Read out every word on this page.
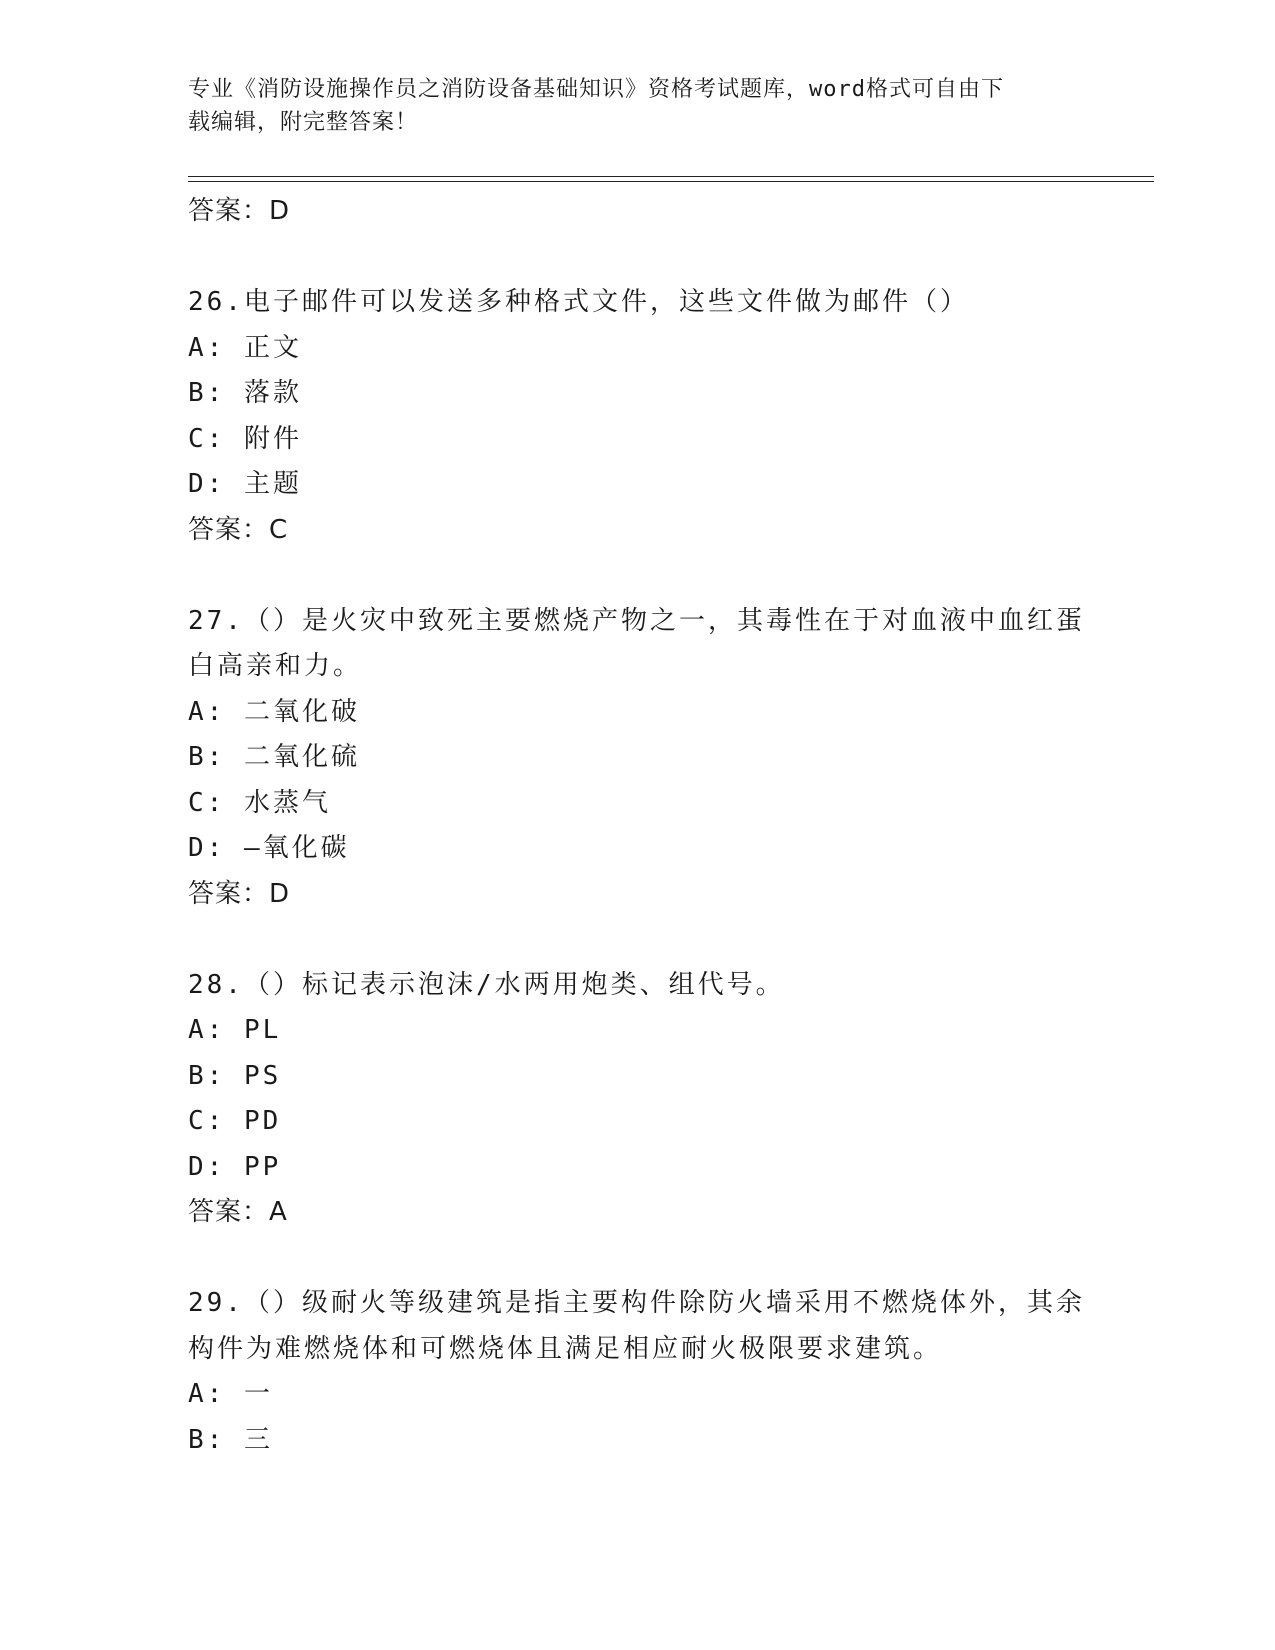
专业《消防设施操作员之消防设备基础知识》资格考试题库，word格式可自由下
载编辑，附完整答案！
答案：D
26.电子邮件可以发送多种格式文件，这些文件做为邮件（）
A: 正文
B: 落款
C: 附件
D: 主题
答案：C
27.（）是火灾中致死主要燃烧产物之一，其毒性在于对血液中血红蛋
白高亲和力。
A: 二氧化破
B: 二氧化硫
C: 水蒸气
D: —氧化碳
答案：D
28.（）标记表示泡沫/水两用炮类、组代号。
A: PL
B: PS
C: PD
D: PP
答案：A
29.（）级耐火等级建筑是指主要构件除防火墙采用不燃烧体外，其余
构件为难燃烧体和可燃烧体且满足相应耐火极限要求建筑。
A: 一
B: 三
